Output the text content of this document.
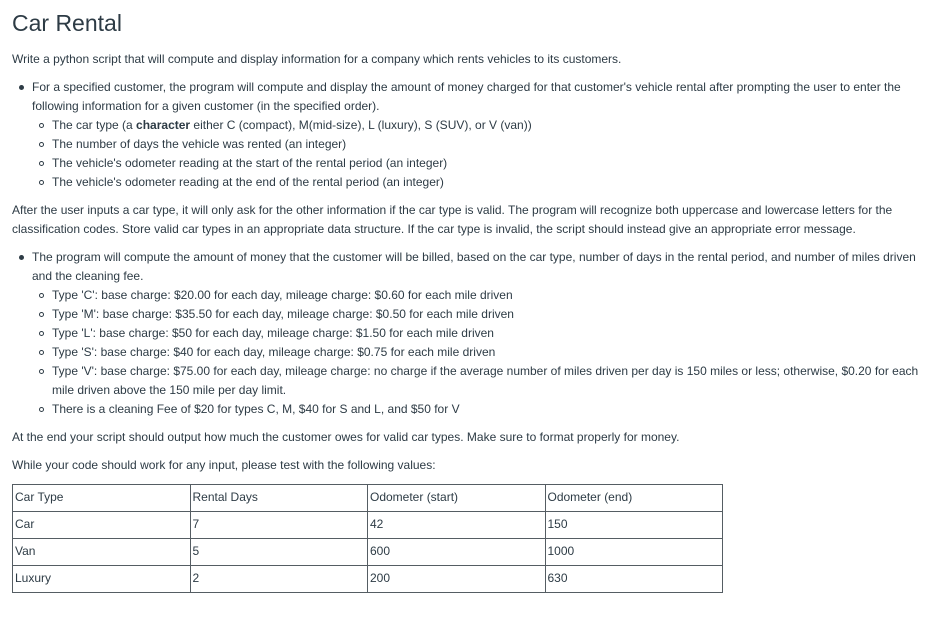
Car Rental

Write a python script that will compute and display information for a company which rents vehicles to its customers.

For a specified customer, the program will compute and display the amount of money charged for that customer's vehicle rental after prompting the user to enter the following information for a given customer (in the specified order).
The car type (a character either C (compact), M(mid-size), L (luxury), S (SUV), or V (van))
The number of days the vehicle was rented (an integer)
The vehicle's odometer reading at the start of the rental period (an integer)
The vehicle's odometer reading at the end of the rental period (an integer)

After the user inputs a car type, it will only ask for the other information if the car type is valid. The program will recognize both uppercase and lowercase letters for the classification codes. Store valid car types in an appropriate data structure. If the car type is invalid, the script should instead give an appropriate error message.

The program will compute the amount of money that the customer will be billed, based on the car type, number of days in the rental period, and number of miles driven and the cleaning fee.
Type 'C': base charge: $20.00 for each day, mileage charge: $0.60 for each mile driven
Type 'M': base charge: $35.50 for each day, mileage charge: $0.50 for each mile driven
Type 'L': base charge: $50 for each day, mileage charge: $1.50 for each mile driven
Type 'S': base charge: $40 for each day, mileage charge: $0.75 for each mile driven
Type 'V': base charge: $75.00 for each day, mileage charge: no charge if the average number of miles driven per day is 150 miles or less; otherwise, $0.20 for each mile driven above the 150 mile per day limit.
There is a cleaning Fee of $20 for types C, M, $40 for S and L, and $50 for V

At the end your script should output how much the customer owes for valid car types. Make sure to format properly for money.

While your code should work for any input, please test with the following values:

Car Type	Rental Days	Odometer (start)	Odometer (end)
Car	7	42	150
Van	5	600	1000
Luxury	2	200	630
